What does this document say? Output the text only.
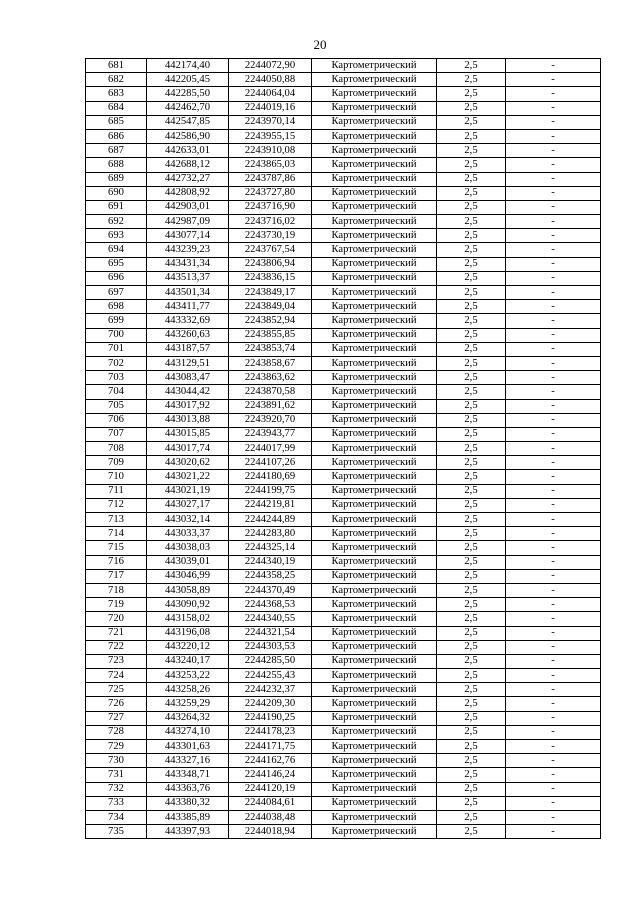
20
681	442174,40	2244072,90	Картометрический	2,5	-
682	442205,45	2244050,88	Картометрический	2,5	-
683	442285,50	2244064,04	Картометрический	2,5	-
684	442462,70	2244019,16	Картометрический	2,5	-
685	442547,85	2243970,14	Картометрический	2,5	-
686	442586,90	2243955,15	Картометрический	2,5	-
687	442633,01	2243910,08	Картометрический	2,5	-
688	442688,12	2243865,03	Картометрический	2,5	-
689	442732,27	2243787,86	Картометрический	2,5	-
690	442808,92	2243727,80	Картометрический	2,5	-
691	442903,01	2243716,90	Картометрический	2,5	-
692	442987,09	2243716,02	Картометрический	2,5	-
693	443077,14	2243730,19	Картометрический	2,5	-
694	443239,23	2243767,54	Картометрический	2,5	-
695	443431,34	2243806,94	Картометрический	2,5	-
696	443513,37	2243836,15	Картометрический	2,5	-
697	443501,34	2243849,17	Картометрический	2,5	-
698	443411,77	2243849,04	Картометрический	2,5	-
699	443332,69	2243852,94	Картометрический	2,5	-
700	443260,63	2243855,85	Картометрический	2,5	-
701	443187,57	2243853,74	Картометрический	2,5	-
702	443129,51	2243858,67	Картометрический	2,5	-
703	443083,47	2243863,62	Картометрический	2,5	-
704	443044,42	2243870,58	Картометрический	2,5	-
705	443017,92	2243891,62	Картометрический	2,5	-
706	443013,88	2243920,70	Картометрический	2,5	-
707	443015,85	2243943,77	Картометрический	2,5	-
708	443017,74	2244017,99	Картометрический	2,5	-
709	443020,62	2244107,26	Картометрический	2,5	-
710	443021,22	2244180,69	Картометрический	2,5	-
711	443021,19	2244199,75	Картометрический	2,5	-
712	443027,17	2244219,81	Картометрический	2,5	-
713	443032,14	2244244,89	Картометрический	2,5	-
714	443033,37	2244283,80	Картометрический	2,5	-
715	443038,03	2244325,14	Картометрический	2,5	-
716	443039,01	2244340,19	Картометрический	2,5	-
717	443046,99	2244358,25	Картометрический	2,5	-
718	443058,89	2244370,49	Картометрический	2,5	-
719	443090,92	2244368,53	Картометрический	2,5	-
720	443158,02	2244340,55	Картометрический	2,5	-
721	443196,08	2244321,54	Картометрический	2,5	-
722	443220,12	2244303,53	Картометрический	2,5	-
723	443240,17	2244285,50	Картометрический	2,5	-
724	443253,22	2244255,43	Картометрический	2,5	-
725	443258,26	2244232,37	Картометрический	2,5	-
726	443259,29	2244209,30	Картометрический	2,5	-
727	443264,32	2244190,25	Картометрический	2,5	-
728	443274,10	2244178,23	Картометрический	2,5	-
729	443301,63	2244171,75	Картометрический	2,5	-
730	443327,16	2244162,76	Картометрический	2,5	-
731	443348,71	2244146,24	Картометрический	2,5	-
732	443363,76	2244120,19	Картометрический	2,5	-
733	443380,32	2244084,61	Картометрический	2,5	-
734	443385,89	2244038,48	Картометрический	2,5	-
735	443397,93	2244018,94	Картометрический	2,5	-
